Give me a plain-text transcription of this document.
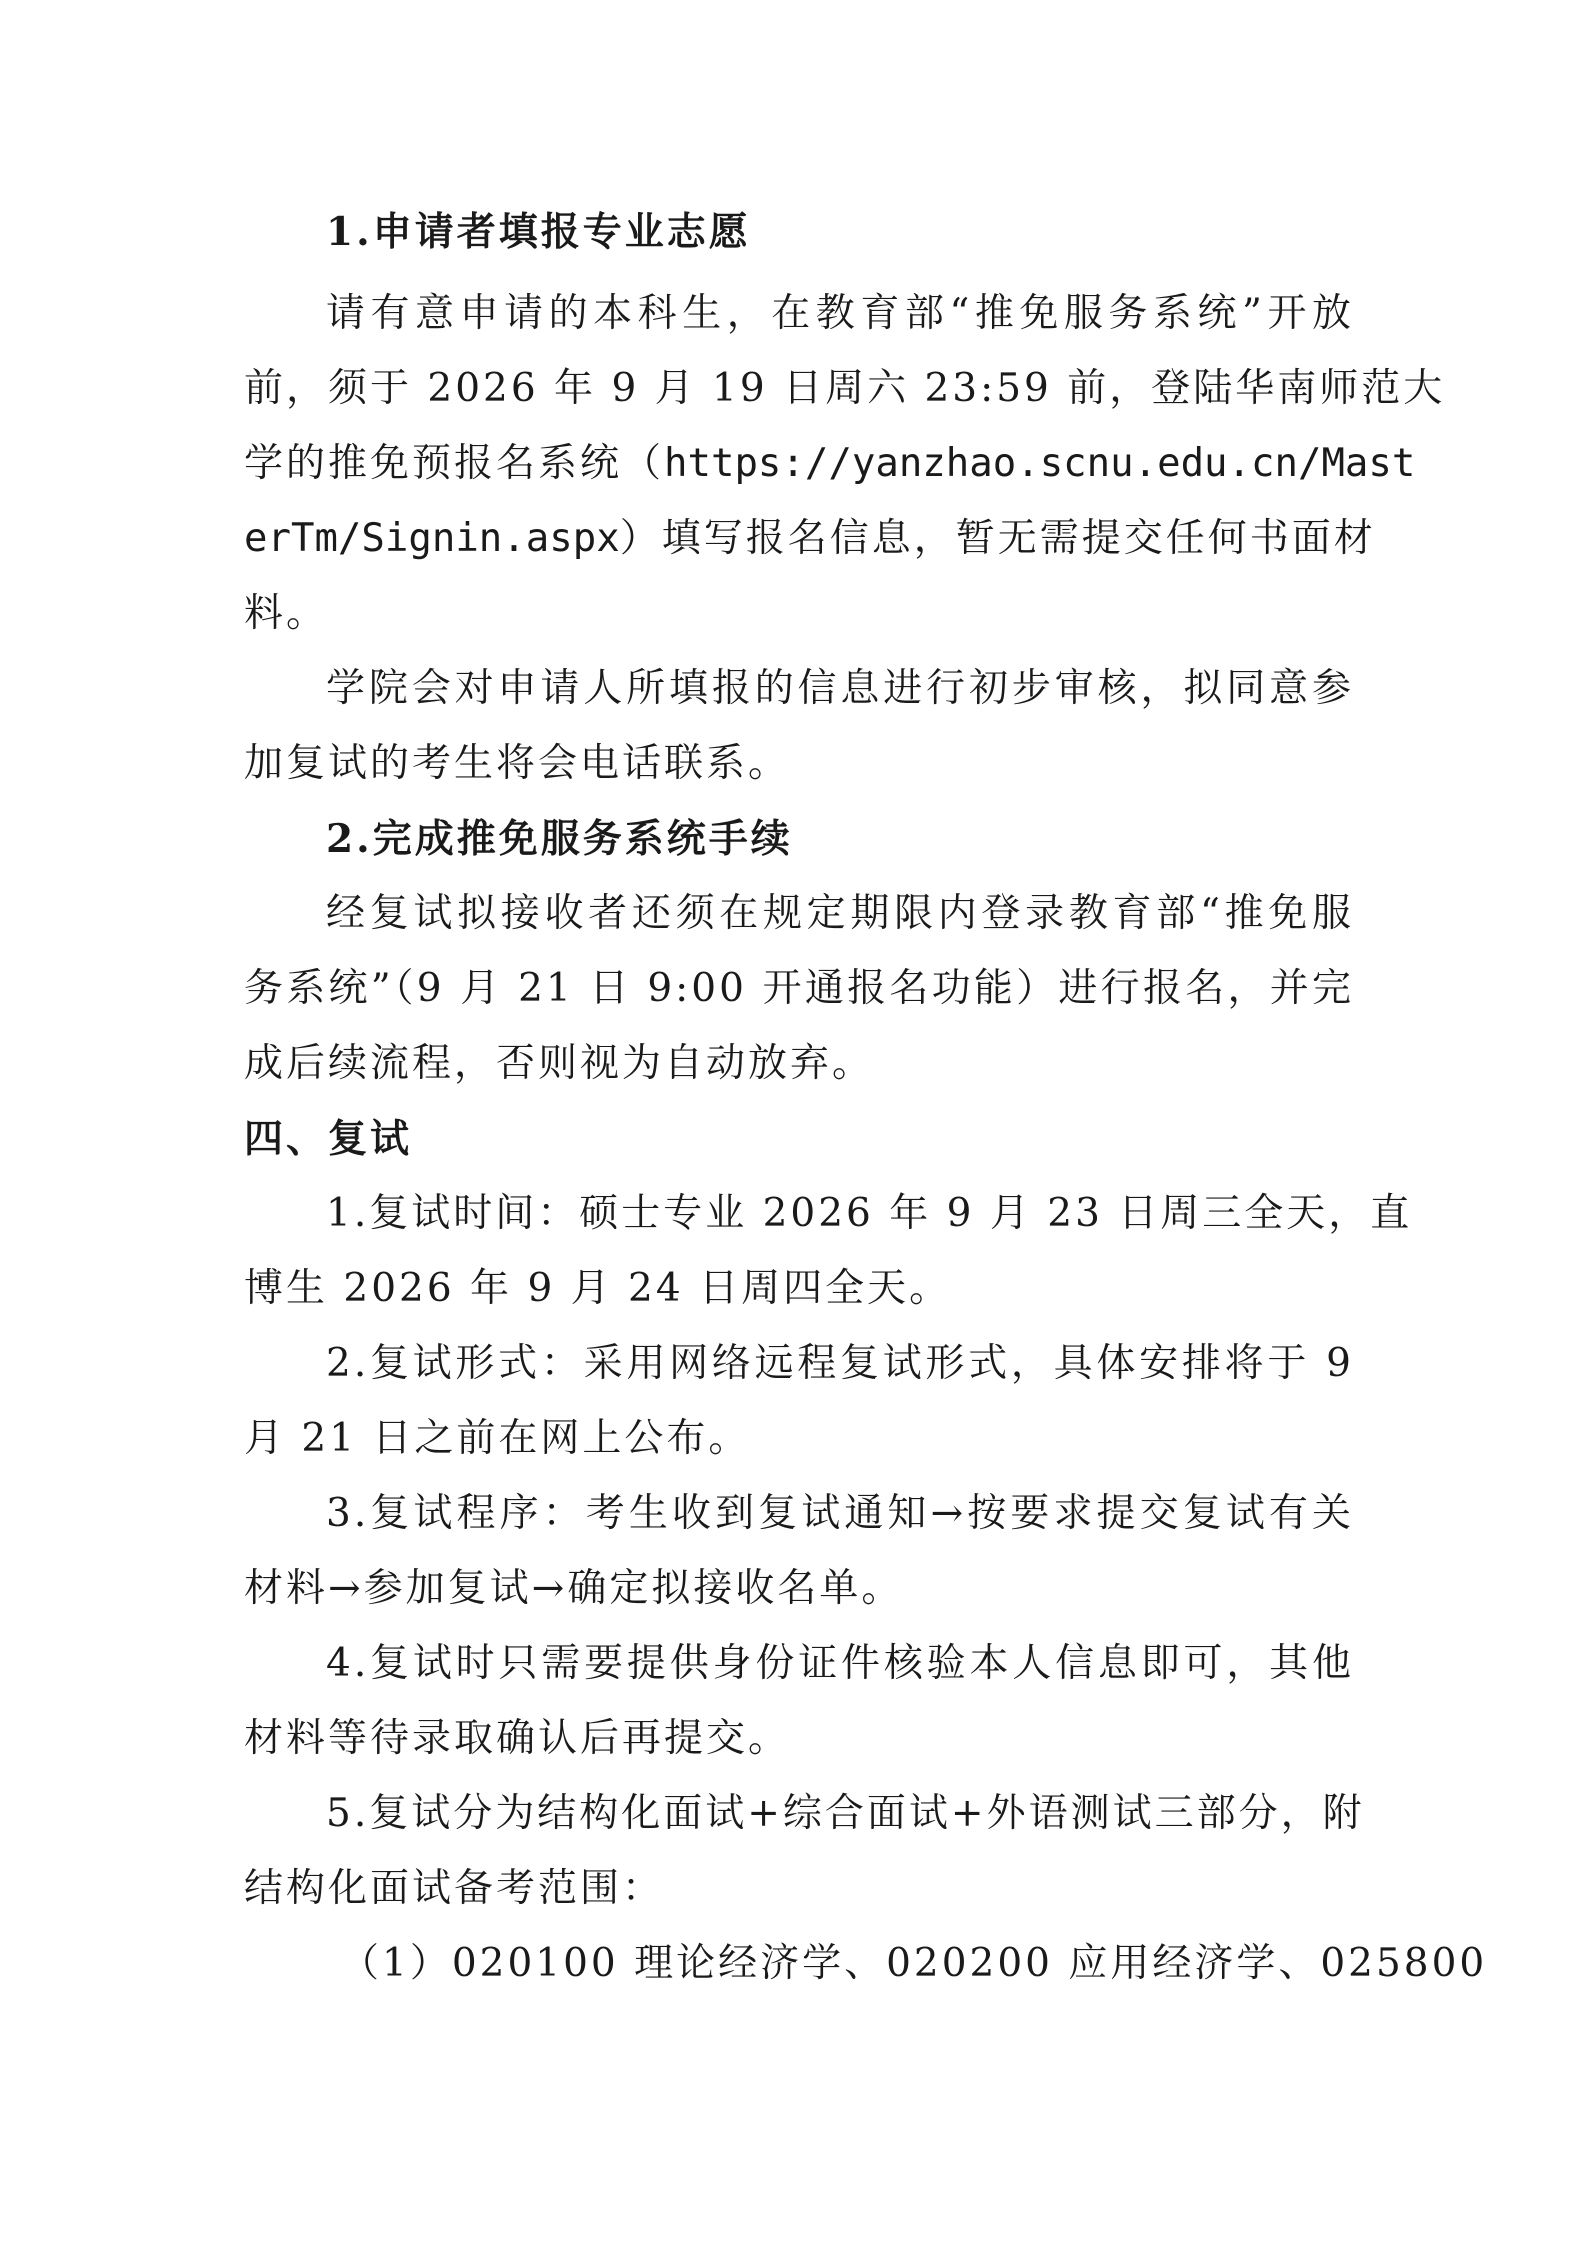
1.申请者填报专业志愿
请有意申请的本科生，在教育部“推免服务系统”开放
前，须于 2026 年 9 月 19 日周六 23:59 前，登陆华南师范大
学的推免预报名系统（https://yanzhao.scnu.edu.cn/Mast
erTm/Signin.aspx）填写报名信息，暂无需提交任何书面材
料。
学院会对申请人所填报的信息进行初步审核，拟同意参
加复试的考生将会电话联系。
2.完成推免服务系统手续
经复试拟接收者还须在规定期限内登录教育部“推免服
务系统”（9 月 21 日 9:00 开通报名功能）进行报名，并完
成后续流程，否则视为自动放弃。
四、复试
1.复试时间：硕士专业 2026 年 9 月 23 日周三全天，直
博生 2026 年 9 月 24 日周四全天。
2.复试形式：采用网络远程复试形式，具体安排将于 9
月 21 日之前在网上公布。
3.复试程序：考生收到复试通知→按要求提交复试有关
材料→参加复试→确定拟接收名单。
4.复试时只需要提供身份证件核验本人信息即可，其他
材料等待录取确认后再提交。
5.复试分为结构化面试+综合面试+外语测试三部分，附
结构化面试备考范围：
（1）020100 理论经济学、020200 应用经济学、025800
